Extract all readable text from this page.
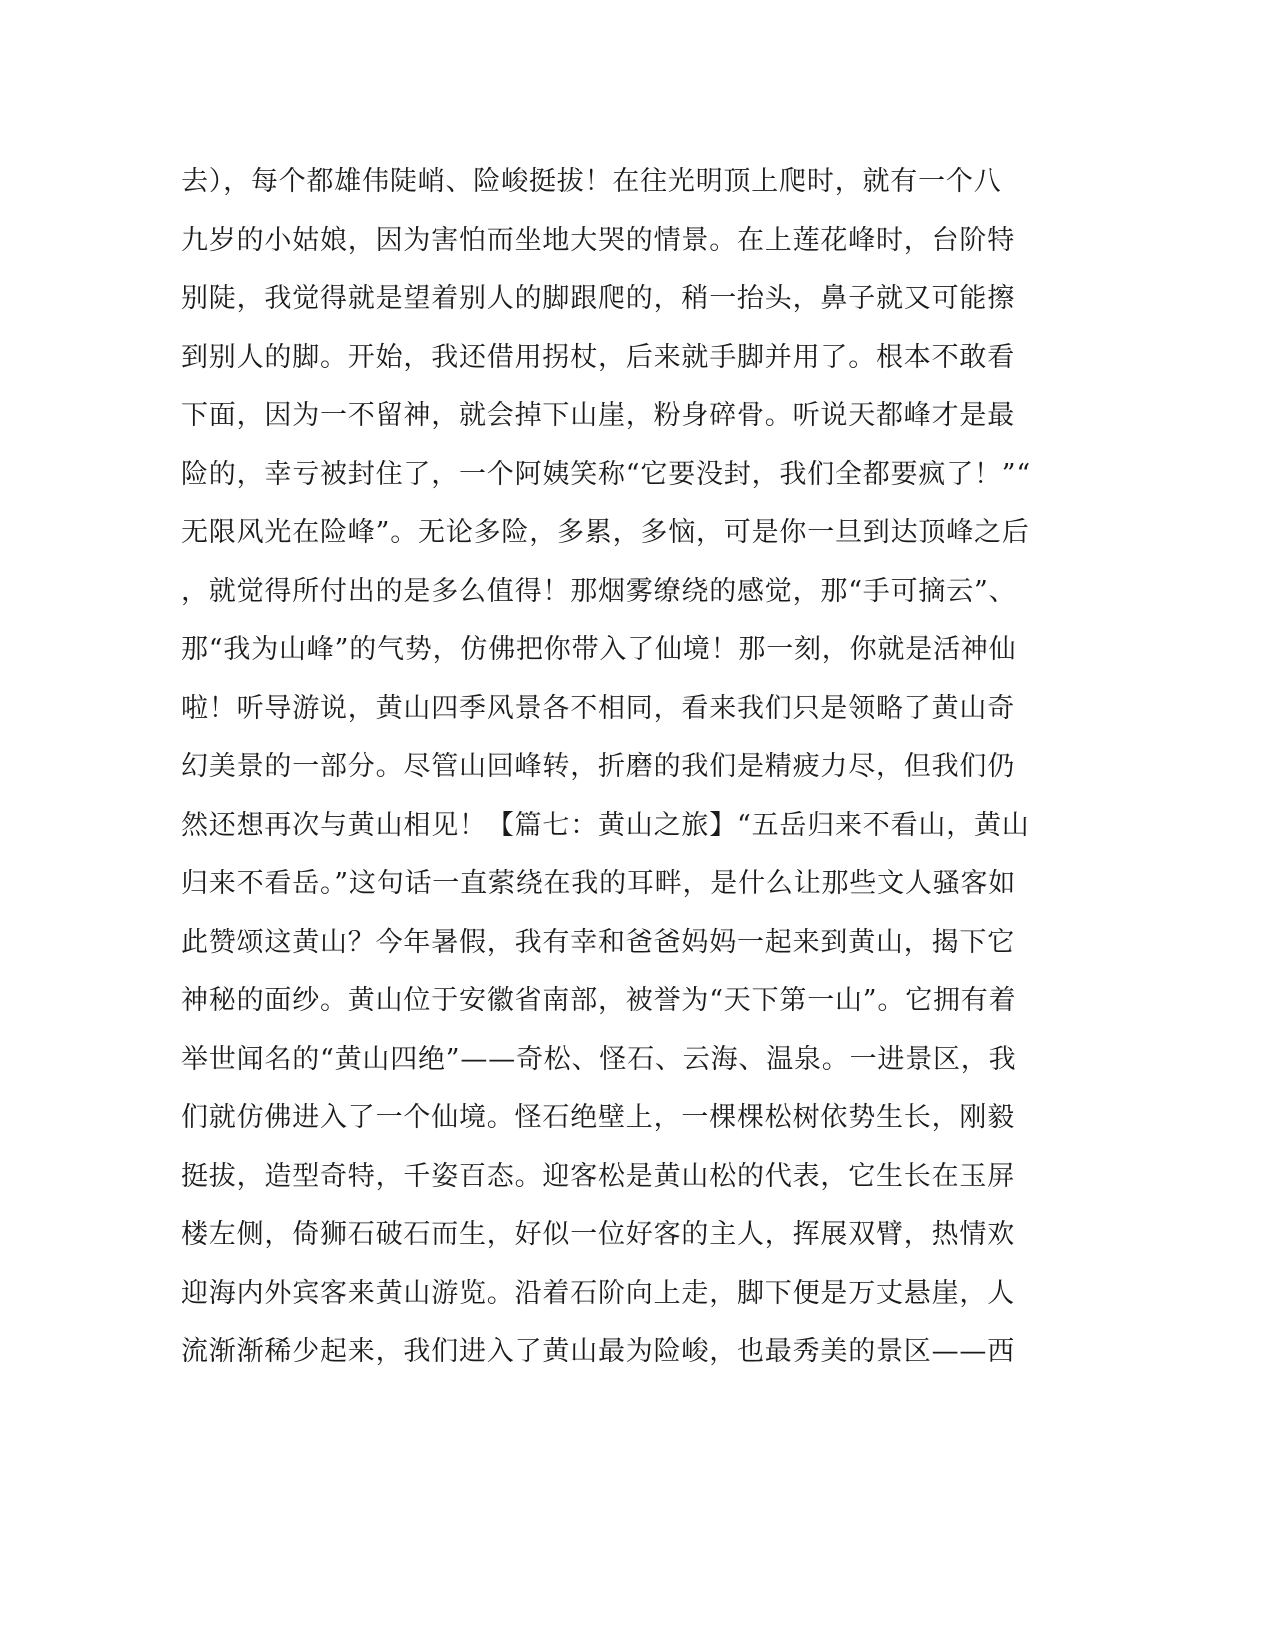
去），每个都雄伟陡峭、险峻挺拔！在往光明顶上爬时，就有一个八
九岁的小姑娘，因为害怕而坐地大哭的情景。在上莲花峰时，台阶特
别陡，我觉得就是望着别人的脚跟爬的，稍一抬头，鼻子就又可能擦
到别人的脚。开始，我还借用拐杖，后来就手脚并用了。根本不敢看
下面，因为一不留神，就会掉下山崖，粉身碎骨。听说天都峰才是最
险的，幸亏被封住了，一个阿姨笑称“它要没封，我们全都要疯了！”“
无限风光在险峰”。无论多险，多累，多恼，可是你一旦到达顶峰之后
，就觉得所付出的是多么值得！那烟雾缭绕的感觉，那“手可摘云”、
那“我为山峰”的气势，仿佛把你带入了仙境！那一刻，你就是活神仙
啦！听导游说，黄山四季风景各不相同，看来我们只是领略了黄山奇
幻美景的一部分。尽管山回峰转，折磨的我们是精疲力尽，但我们仍
然还想再次与黄山相见！【篇七：黄山之旅】“五岳归来不看山，黄山
归来不看岳。”这句话一直萦绕在我的耳畔，是什么让那些文人骚客如
此赞颂这黄山？今年暑假，我有幸和爸爸妈妈一起来到黄山，揭下它
神秘的面纱。黄山位于安徽省南部，被誉为“天下第一山”。它拥有着
举世闻名的“黄山四绝”——奇松、怪石、云海、温泉。一进景区，我
们就仿佛进入了一个仙境。怪石绝壁上，一棵棵松树依势生长，刚毅
挺拔，造型奇特，千姿百态。迎客松是黄山松的代表，它生长在玉屏
楼左侧，倚狮石破石而生，好似一位好客的主人，挥展双臂，热情欢
迎海内外宾客来黄山游览。沿着石阶向上走，脚下便是万丈悬崖，人
流渐渐稀少起来，我们进入了黄山最为险峻，也最秀美的景区——西
